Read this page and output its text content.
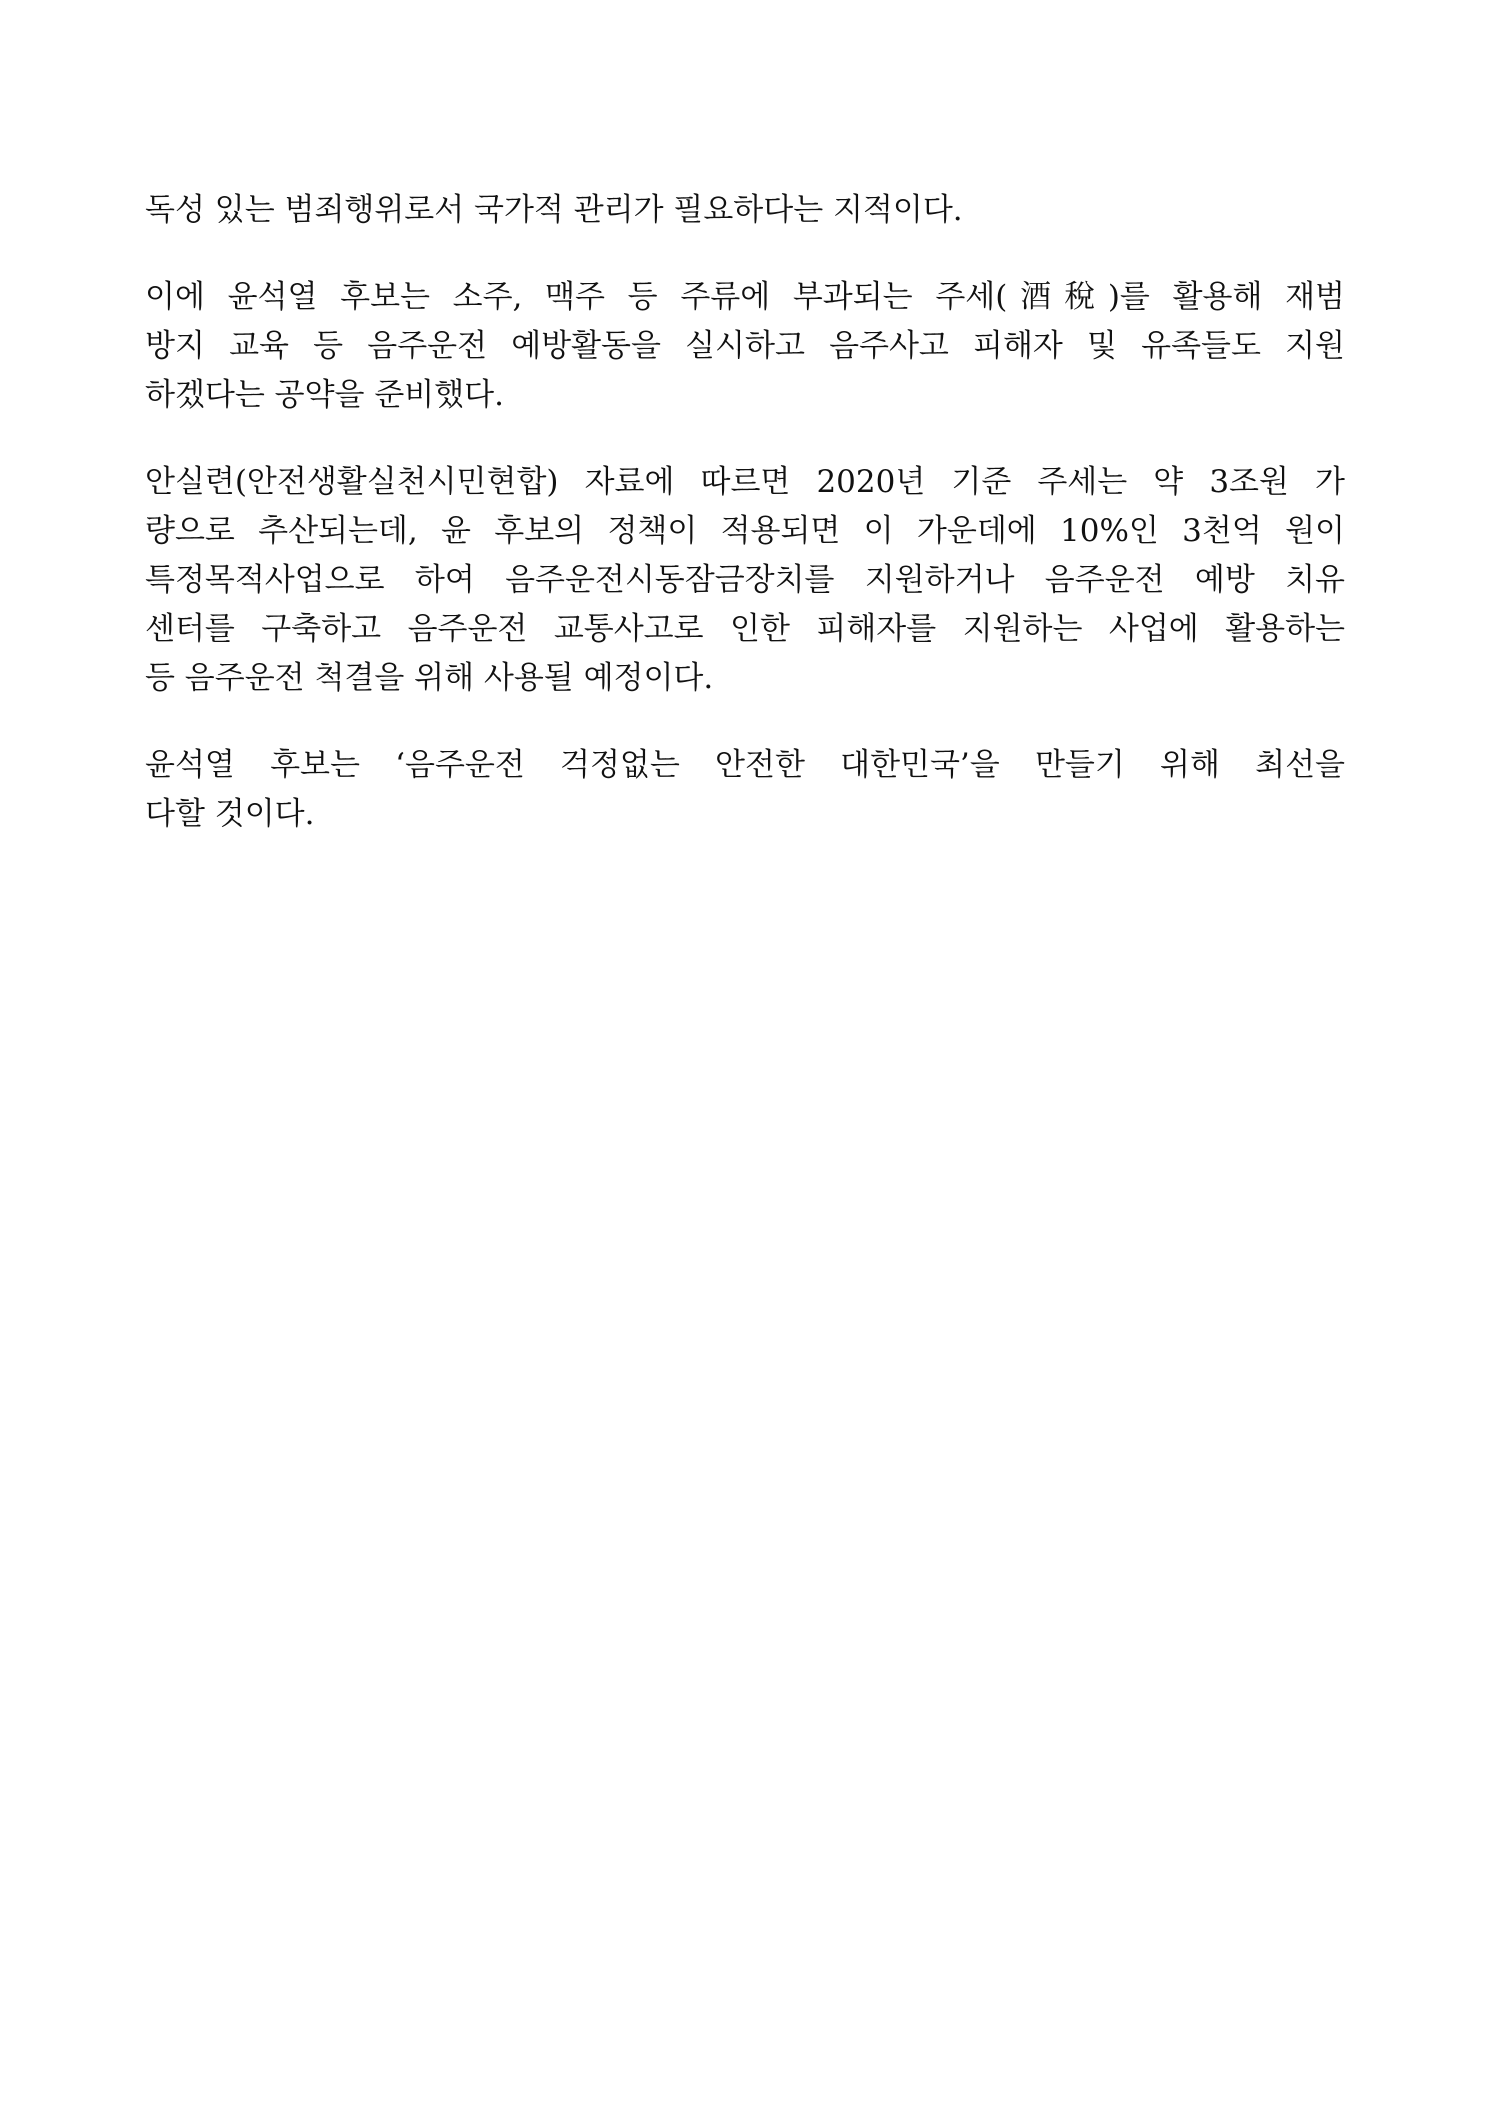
독성 있는 범죄행위로서 국가적 관리가 필요하다는 지적이다.
이에 윤석열 후보는 소주, 맥주 등 주류에 부과되는 주세(酒稅)를 활용해 재범
방지 교육 등 음주운전 예방활동을 실시하고 음주사고 피해자 및 유족들도 지원
하겠다는 공약을 준비했다.
안실련(안전생활실천시민현합) 자료에 따르면 2020년 기준 주세는 약 3조원 가
량으로 추산되는데, 윤 후보의 정책이 적용되면 이 가운데에 10%인 3천억 원이
특정목적사업으로 하여 음주운전시동잠금장치를 지원하거나 음주운전 예방 치유
센터를 구축하고 음주운전 교통사고로 인한 피해자를 지원하는 사업에 활용하는
등 음주운전 척결을 위해 사용될 예정이다.
윤석열 후보는 ‘음주운전 걱정없는 안전한 대한민국’을 만들기 위해 최선을
다할 것이다.
